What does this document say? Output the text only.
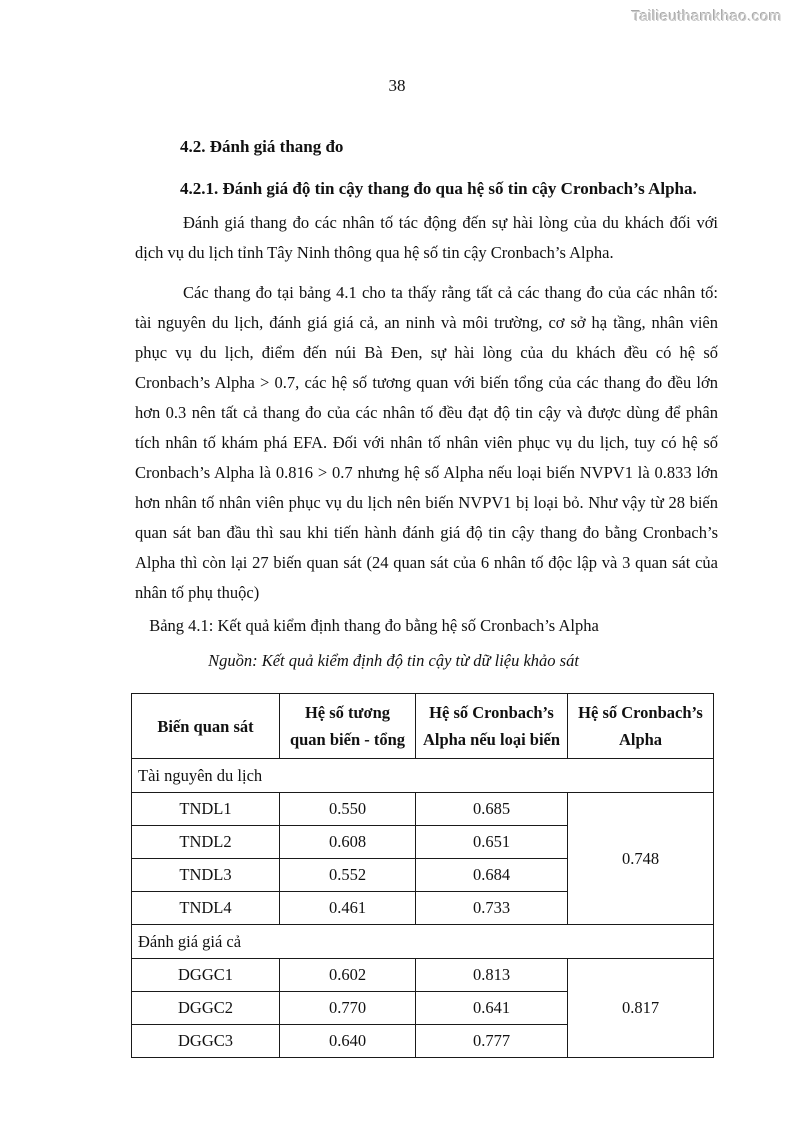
Tailieuthamkhao.com
38
4.2. Đánh giá thang đo
4.2.1. Đánh giá độ tin cậy thang đo qua hệ số tin cậy Cronbach’s Alpha.

Đánh giá thang đo các nhân tố tác động đến sự hài lòng của du khách đối với dịch vụ du lịch tỉnh Tây Ninh thông qua hệ số tin cậy Cronbach’s Alpha.

Các thang đo tại bảng 4.1 cho ta thấy rằng tất cả các thang đo của các nhân tố: tài nguyên du lịch, đánh giá giá cả, an ninh và môi trường, cơ sở hạ tầng, nhân viên phục vụ du lịch, điểm đến núi Bà Đen, sự hài lòng của du khách đều có hệ số Cronbach’s Alpha > 0.7, các hệ số tương quan với biến tổng của các thang đo đều lớn hơn 0.3 nên tất cả thang đo của các nhân tố đều đạt độ tin cậy và được dùng để phân tích nhân tố khám phá EFA. Đối với nhân tố nhân viên phục vụ du lịch, tuy có hệ số Cronbach’s Alpha là 0.816 > 0.7 nhưng hệ số Alpha nếu loại biến NVPV1 là 0.833 lớn hơn nhân tố nhân viên phục vụ du lịch nên biến NVPV1 bị loại bỏ. Như vậy từ 28 biến quan sát ban đầu thì sau khi tiến hành đánh giá độ tin cậy thang đo bằng Cronbach’s Alpha thì còn lại 27 biến quan sát (24 quan sát của 6 nhân tố độc lập và 3 quan sát của nhân tố phụ thuộc)

Bảng 4.1: Kết quả kiểm định thang đo bằng hệ số Cronbach’s Alpha
Nguồn: Kết quả kiểm định độ tin cậy từ dữ liệu khảo sát
Biến quan sát	Hệ số tương quan biến - tổng	Hệ số Cronbach’s Alpha nếu loại biến	Hệ số Cronbach’s Alpha
Tài nguyên du lịch			
TNDL1	0.550	0.685	0.748
TNDL2	0.608	0.651	
TNDL3	0.552	0.684	
TNDL4	0.461	0.733	
Đánh giá giá cả			
DGGC1	0.602	0.813	0.817
DGGC2	0.770	0.641	
DGGC3	0.640	0.777	
